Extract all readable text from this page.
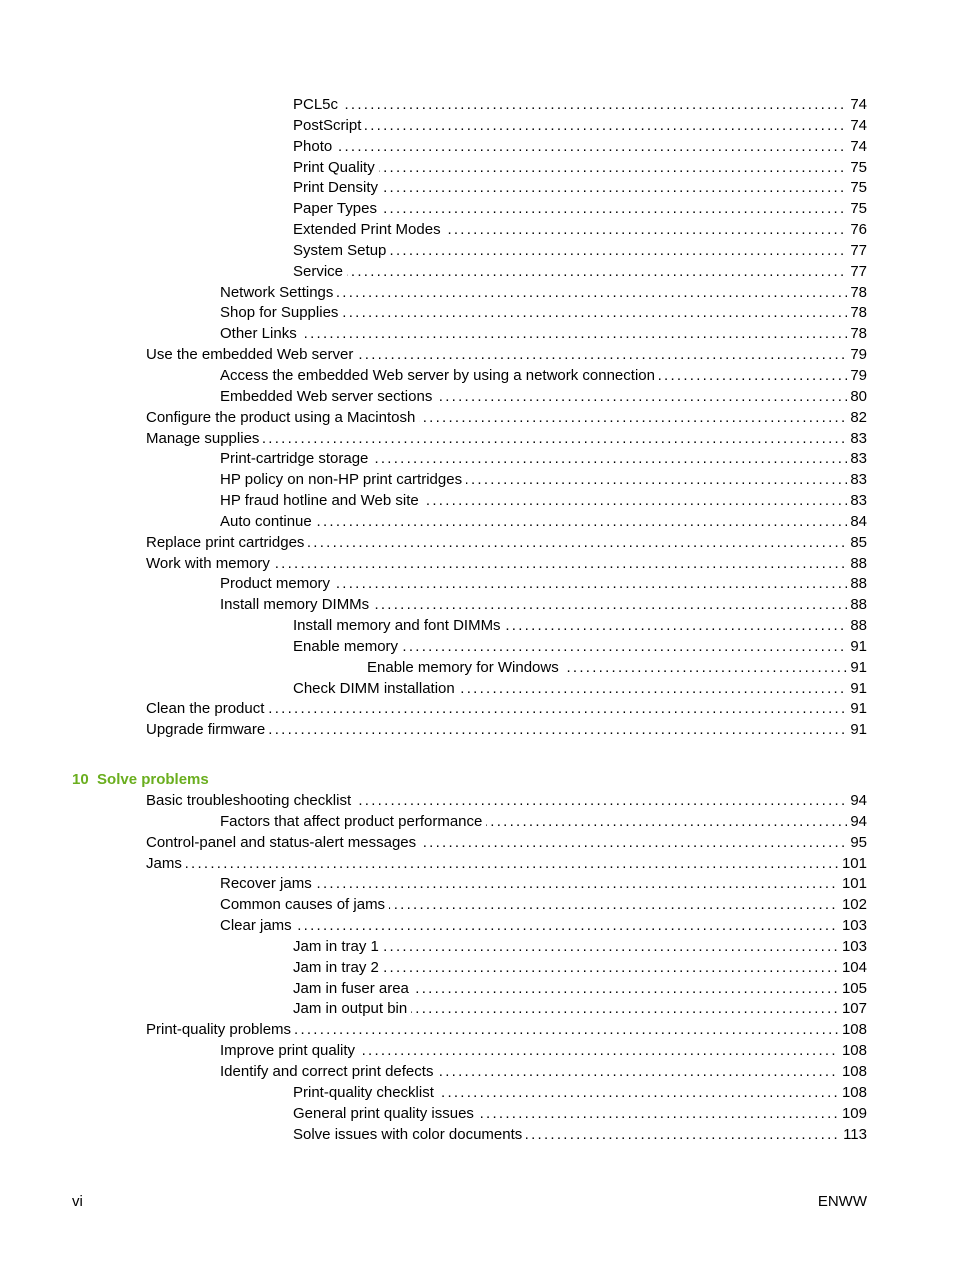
PCL5c . . .	74
PostScript . . .	74
Photo . . .	74
Print Quality . . .	75
Print Density . . .	75
Paper Types . . .	75
Extended Print Modes . . .	76
System Setup . . .	77
Service . . .	77
Network Settings . . .	78
Shop for Supplies . . .	78
Other Links . . .	78
Use the embedded Web server . . .	79
Access the embedded Web server by using a network connection . . .	79
Embedded Web server sections . . .	80
Configure the product using a Macintosh . . .	82
Manage supplies . . .	83
Print-cartridge storage . . .	83
HP policy on non-HP print cartridges . . .	83
HP fraud hotline and Web site . . .	83
Auto continue . . .	84
Replace print cartridges . . .	85
Work with memory . . .	88
Product memory . . .	88
Install memory DIMMs . . .	88
Install memory and font DIMMs . . .	88
Enable memory . . .	91
Enable memory for Windows . . .	91
Check DIMM installation . . .	91
Clean the product . . .	91
Upgrade firmware . . .	91
10 Solve problems
Basic troubleshooting checklist . . .	94
Factors that affect product performance . . .	94
Control-panel and status-alert messages . . .	95
Jams . . .	101
Recover jams . . .	101
Common causes of jams . . .	102
Clear jams . . .	103
Jam in tray 1 . . .	103
Jam in tray 2 . . .	104
Jam in fuser area . . .	105
Jam in output bin . . .	107
Print-quality problems . . .	108
Improve print quality . . .	108
Identify and correct print defects . . .	108
Print-quality checklist . . .	108
General print quality issues . . .	109
Solve issues with color documents . . .	113
vi	ENWW
